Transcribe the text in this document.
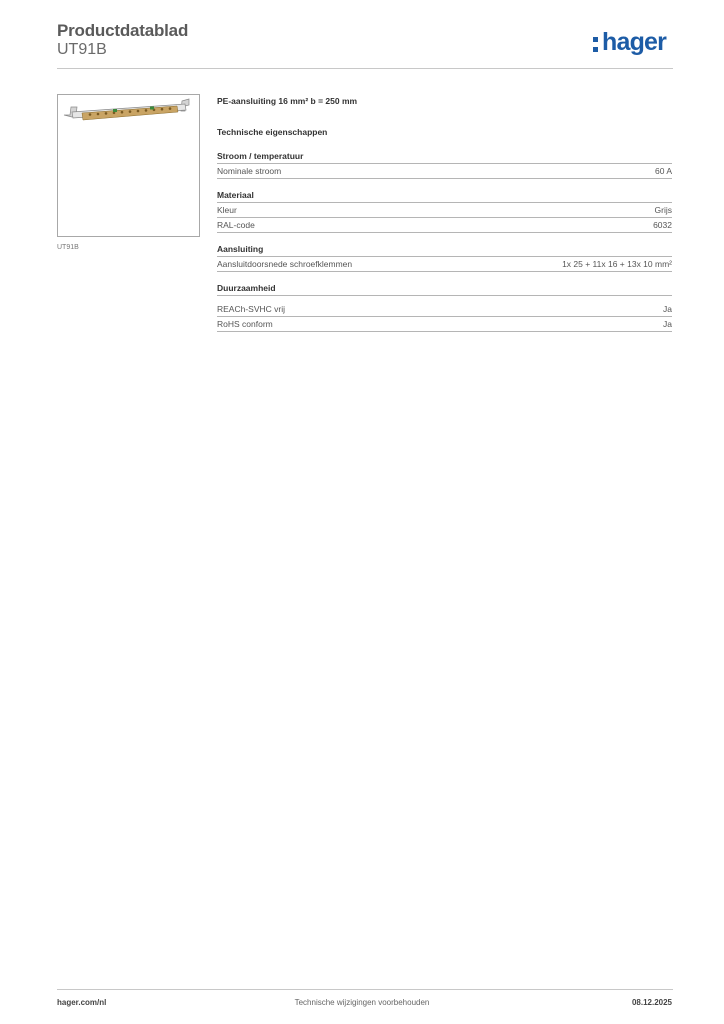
Productdatablad
UT91B	hager
UT91B
PE-aansluiting 16 mm² b = 250 mm
Technische eigenschappen
Stroom / temperatuur
Nominale stroom	60 A
Materiaal
Kleur	Grijs
RAL-code	6032
Aansluiting
Aansluitdoorsnede schroefklemmen	1x 25 + 11x 16 + 13x 10 mm²
Duurzaamheid
REACh-SVHC vrij	Ja
RoHS conform	Ja
hager.com/nl	Technische wijzigingen voorbehouden	08.12.2025
